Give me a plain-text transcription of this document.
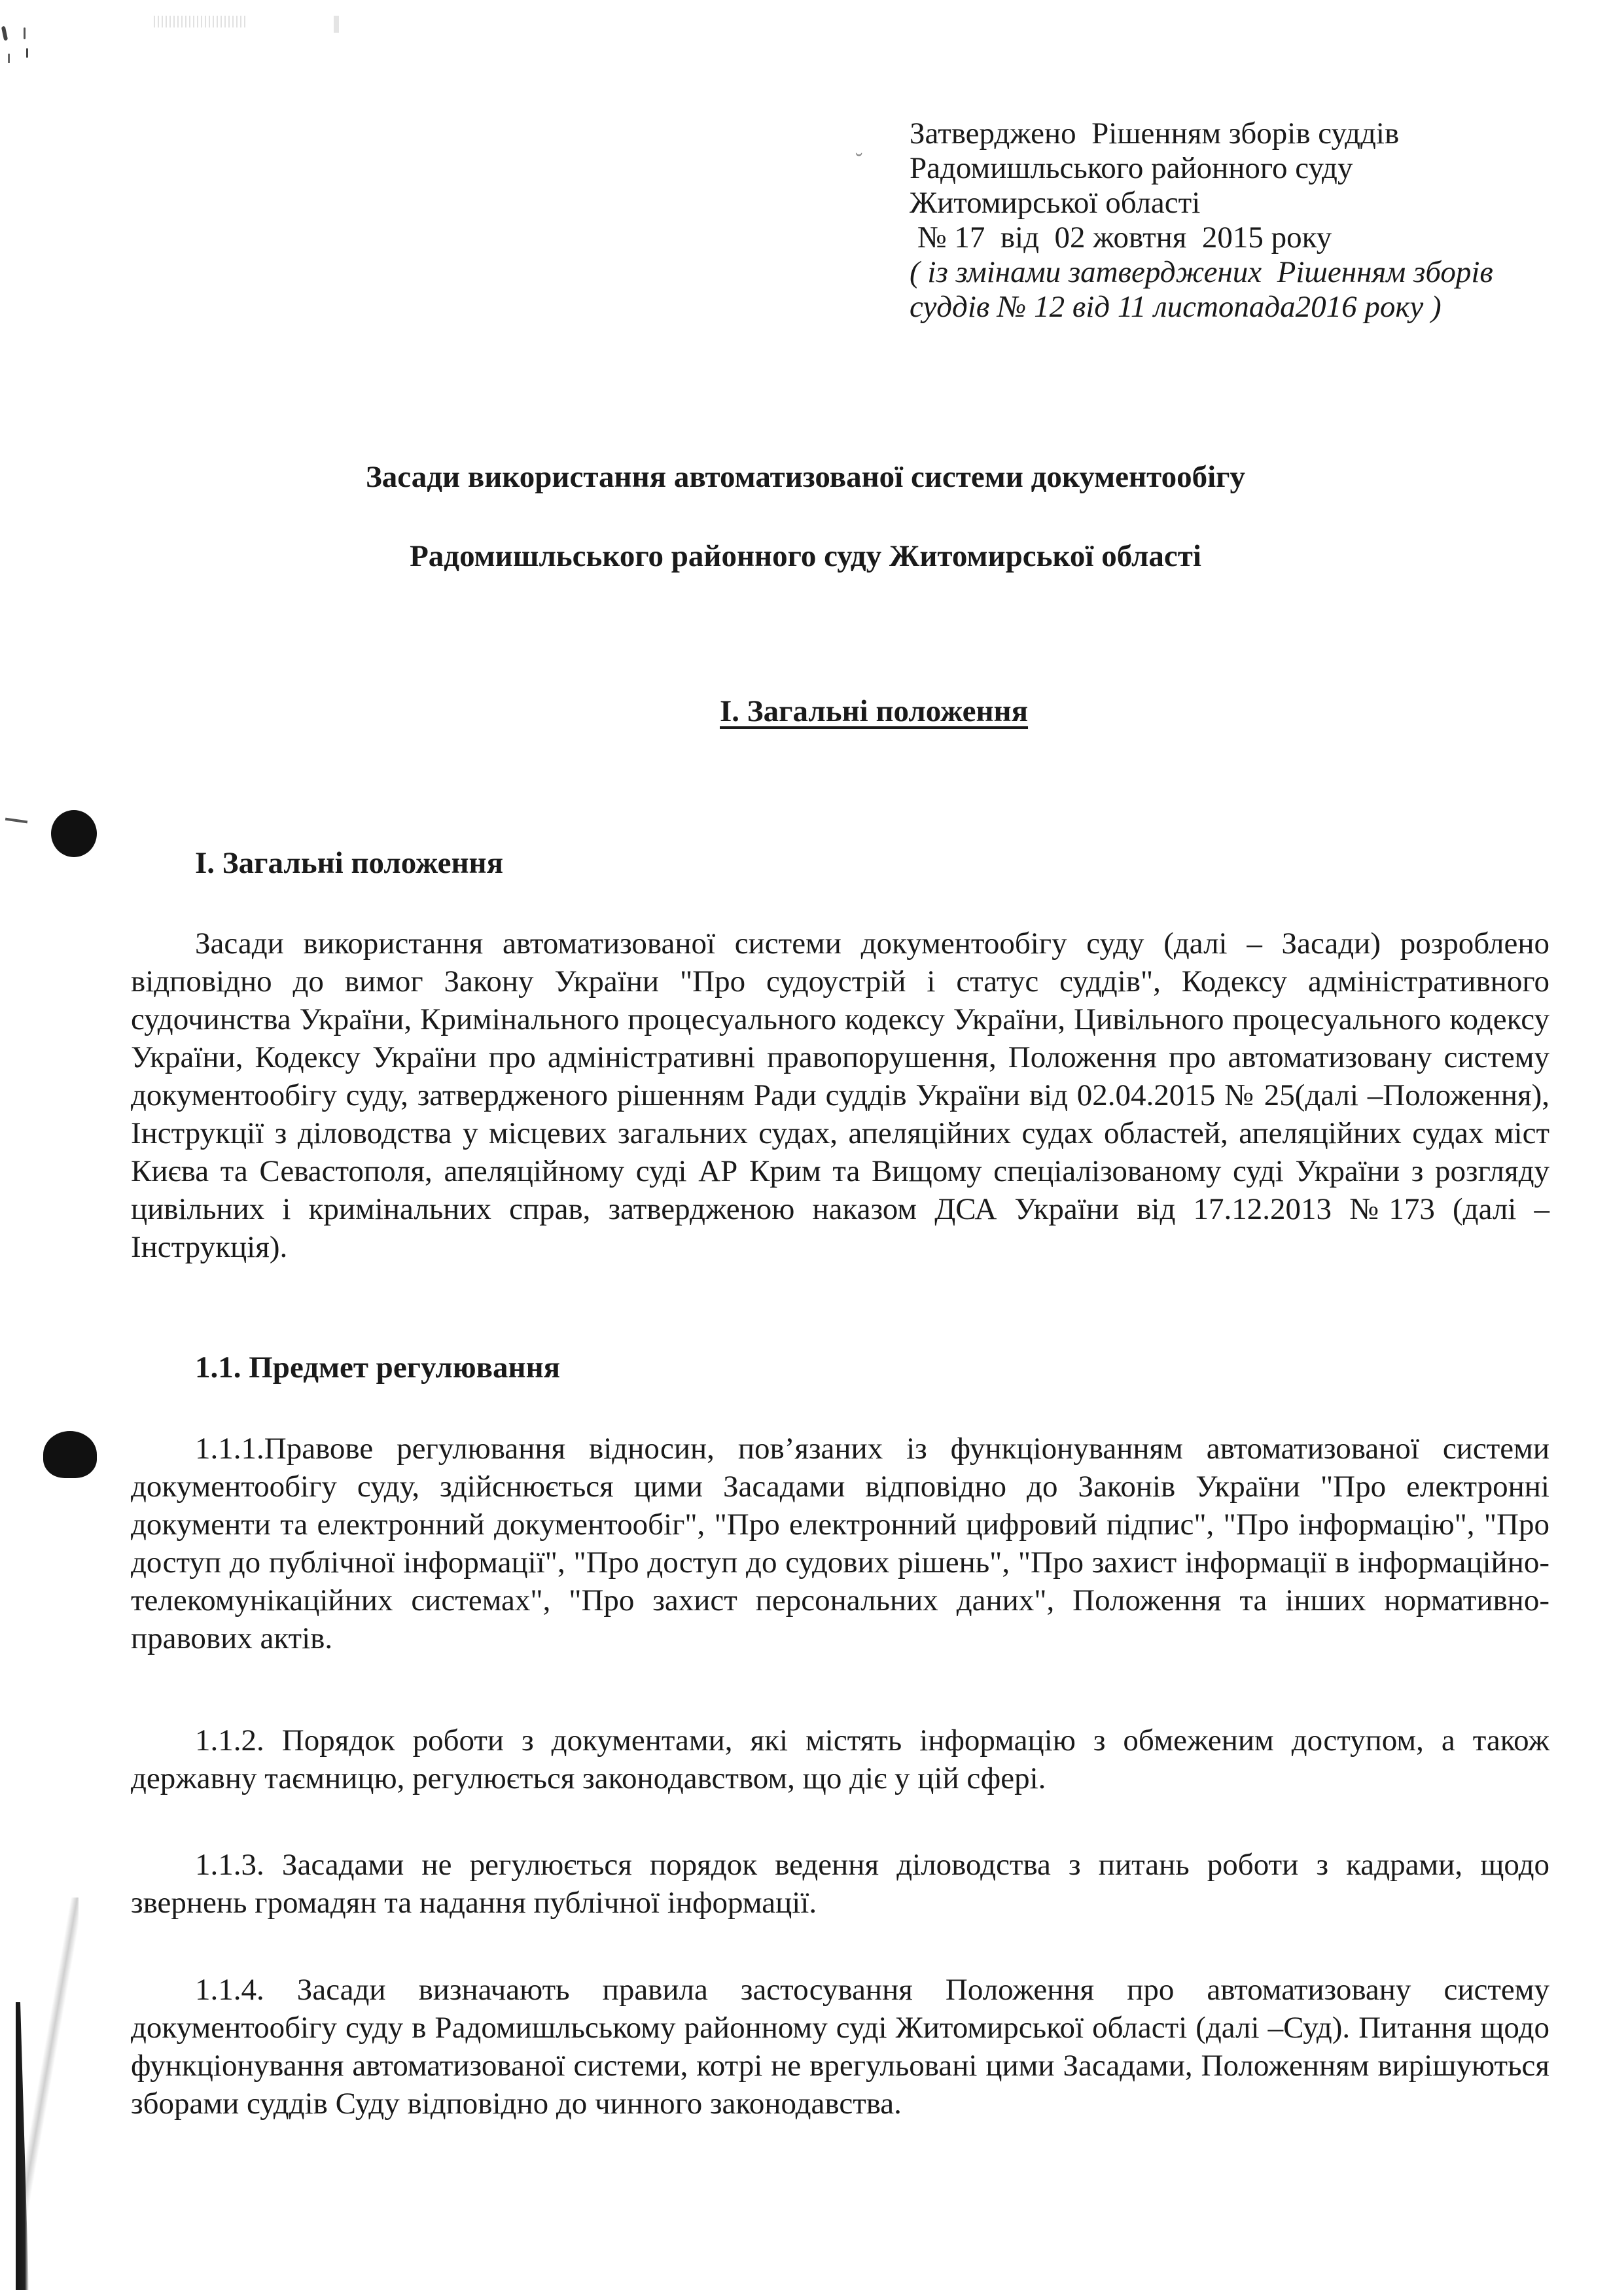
˘
Затверджено  Рішенням зборів суддів
Радомишльського районного суду
Житомирської області
№ 17  від  02 жовтня  2015 року
( із змінами затверджених  Рішенням зборів
суддів № 12 від 11 листопада2016 року )
Засади використання автоматизованої системи документообігу
Радомишльського районного суду Житомирської області
І. Загальні положення
І. Загальні положення
Засади використання автоматизованої системи документообігу суду (далі – Засади) розроблено відповідно до вимог Закону України "Про судоустрій і статус суддів", Кодексу адміністративного судочинства України, Кримінального процесуального кодексу України, Цивільного процесуального кодексу України, Кодексу України про адміністративні правопорушення, Положення про автоматизовану систему документообігу суду, затвердженого рішенням Ради суддів України від 02.04.2015 № 25(далі –Положення), Інструкції з діловодства у місцевих загальних судах, апеляційних судах областей, апеляційних судах міст Києва та Севастополя, апеляційному суді АР Крим та Вищому спеціалізованому суді України з розгляду цивільних і кримінальних справ, затвердженою наказом ДСА України від 17.12.2013 №173 (далі – Інструкція).
1.1. Предмет регулювання
1.1.1.Правове регулювання відносин, пов’язаних із функціонуванням автоматизованої системи документообігу суду, здійснюється цими Засадами відповідно до Законів України "Про електронні документи та електронний документообіг", "Про електронний цифровий підпис", "Про інформацію", "Про доступ до публічної інформації", "Про доступ до судових рішень", "Про захист інформації в інформаційно-телекомунікаційних системах", "Про захист персональних даних", Положення та інших нормативно-правових актів.
1.1.2. Порядок роботи з документами, які містять інформацію з обмеженим доступом, а також державну таємницю, регулюється законодавством, що діє у цій сфері.
1.1.3. Засадами не регулюється порядок ведення діловодства з питань роботи з кадрами, щодо звернень громадян та надання публічної інформації.
1.1.4. Засади визначають правила застосування Положення про автоматизовану систему документообігу суду в Радомишльському районному суді Житомирської області (далі –Суд). Питання щодо функціонування автоматизованої системи, котрі не врегульовані цими Засадами, Положенням вирішуються зборами суддів Суду відповідно до чинного законодавства.
